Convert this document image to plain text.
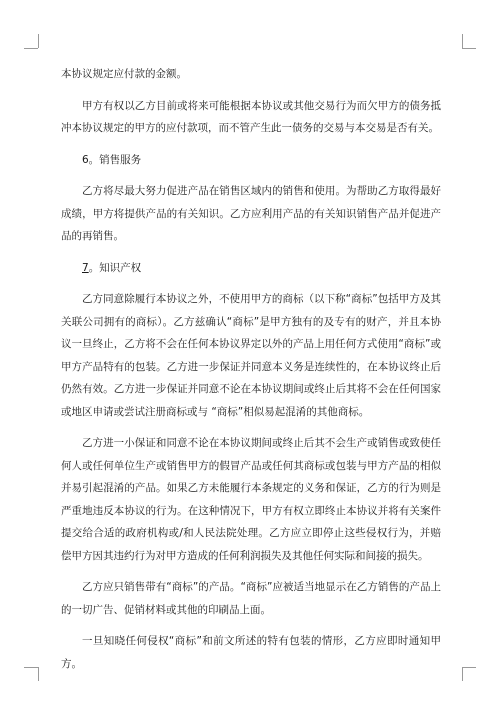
本协议规定应付款的金额。

甲方有权以乙方目前或将来可能根据本协议或其他交易行为而欠甲方的债务抵冲本协议规定的甲方的应付款项，而不管产生此一债务的交易与本交易是否有关。

6。销售服务

乙方将尽最大努力促进产品在销售区域内的销售和使用。为帮助乙方取得最好成绩，甲方将提供产品的有关知识。乙方应利用产品的有关知识销售产品并促进产品的再销售。

7。知识产权

乙方同意除履行本协议之外，不使用甲方的商标（以下称“商标”包括甲方及其关联公司拥有的商标）。乙方兹确认“商标”是甲方独有的及专有的财产，并且本协议一旦终止，乙方将不会在任何本协议界定以外的产品上用任何方式使用“商标”或甲方产品特有的包装。乙方进一步保证并同意本义务是连续性的，在本协议终止后仍然有效。乙方进一步保证并同意不论在本协议期间或终止后其将不会在任何国家或地区申请或尝试注册商标或与 “商标”相似易起混淆的其他商标。

乙方进一小保证和同意不论在本协议期间或终止后其不会生产或销售或致使任何人或任何单位生产或销售甲方的假冒产品或任何其商标或包装与甲方产品的相似并易引起混淆的产品。如果乙方未能履行本条规定的义务和保证，乙方的行为则是严重地违反本协议的行为。在这种情况下，甲方有权立即终止本协议并将有关案件提交给合适的政府机构或/和人民法院处理。乙方应立即停止这些侵权行为，并赔偿甲方因其违约行为对甲方造成的任何利润损失及其他任何实际和间接的损失。

乙方应只销售带有“商标”的产品。“商标”应被适当地显示在乙方销售的产品上的一切广告、促销材料或其他的印刷品上面。

一旦知晓任何侵权“商标”和前文所述的特有包装的情形，乙方应即时通知甲方。
